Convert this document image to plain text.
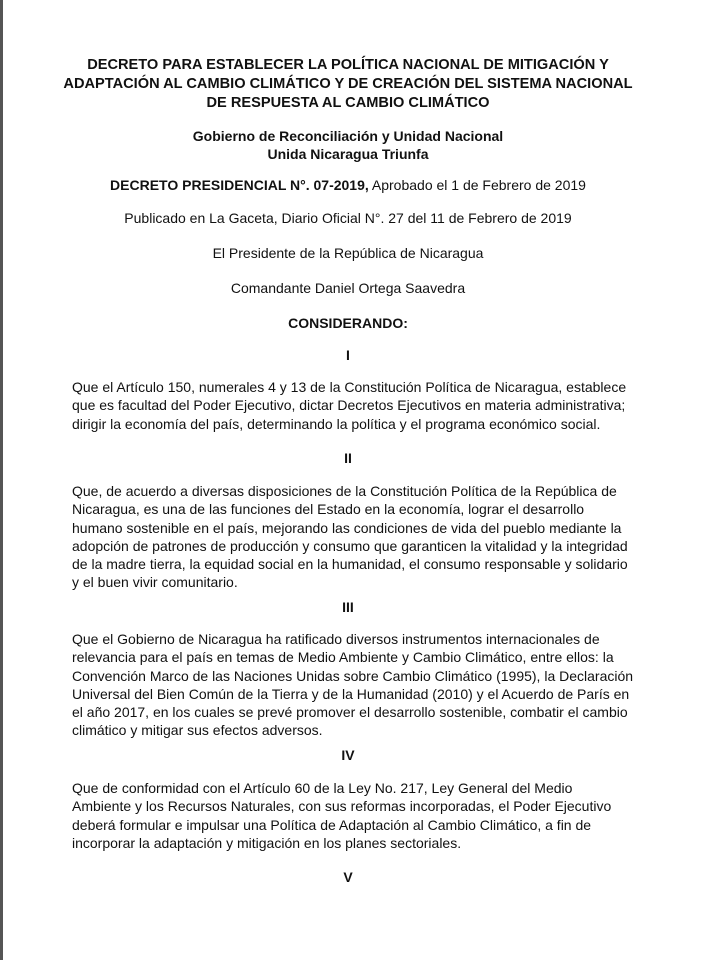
DECRETO PARA ESTABLECER LA POLÍTICA NACIONAL DE MITIGACIÓN Y
ADAPTACIÓN AL CAMBIO CLIMÁTICO Y DE CREACIÓN DEL SISTEMA NACIONAL
DE RESPUESTA AL CAMBIO CLIMÁTICO
Gobierno de Reconciliación y Unidad Nacional
Unida Nicaragua Triunfa
DECRETO PRESIDENCIAL N°. 07-2019, Aprobado el 1 de Febrero de 2019
Publicado en La Gaceta, Diario Oficial N°. 27 del 11 de Febrero de 2019
El Presidente de la República de Nicaragua
Comandante Daniel Ortega Saavedra
CONSIDERANDO:
I
Que el Artículo 150, numerales 4 y 13 de la Constitución Política de Nicaragua, establece
que es facultad del Poder Ejecutivo, dictar Decretos Ejecutivos en materia administrativa;
dirigir la economía del país, determinando la política y el programa económico social.
II
Que, de acuerdo a diversas disposiciones de la Constitución Política de la República de
Nicaragua, es una de las funciones del Estado en la economía, lograr el desarrollo
humano sostenible en el país, mejorando las condiciones de vida del pueblo mediante la
adopción de patrones de producción y consumo que garanticen la vitalidad y la integridad
de la madre tierra, la equidad social en la humanidad, el consumo responsable y solidario
y el buen vivir comunitario.
III
Que el Gobierno de Nicaragua ha ratificado diversos instrumentos internacionales de
relevancia para el país en temas de Medio Ambiente y Cambio Climático, entre ellos: la
Convención Marco de las Naciones Unidas sobre Cambio Climático (1995), la Declaración
Universal del Bien Común de la Tierra y de la Humanidad (2010) y el Acuerdo de París en
el año 2017, en los cuales se prevé promover el desarrollo sostenible, combatir el cambio
climático y mitigar sus efectos adversos.
IV
Que de conformidad con el Artículo 60 de la Ley No. 217, Ley General del Medio
Ambiente y los Recursos Naturales, con sus reformas incorporadas, el Poder Ejecutivo
deberá formular e impulsar una Política de Adaptación al Cambio Climático, a fin de
incorporar la adaptación y mitigación en los planes sectoriales.
V
